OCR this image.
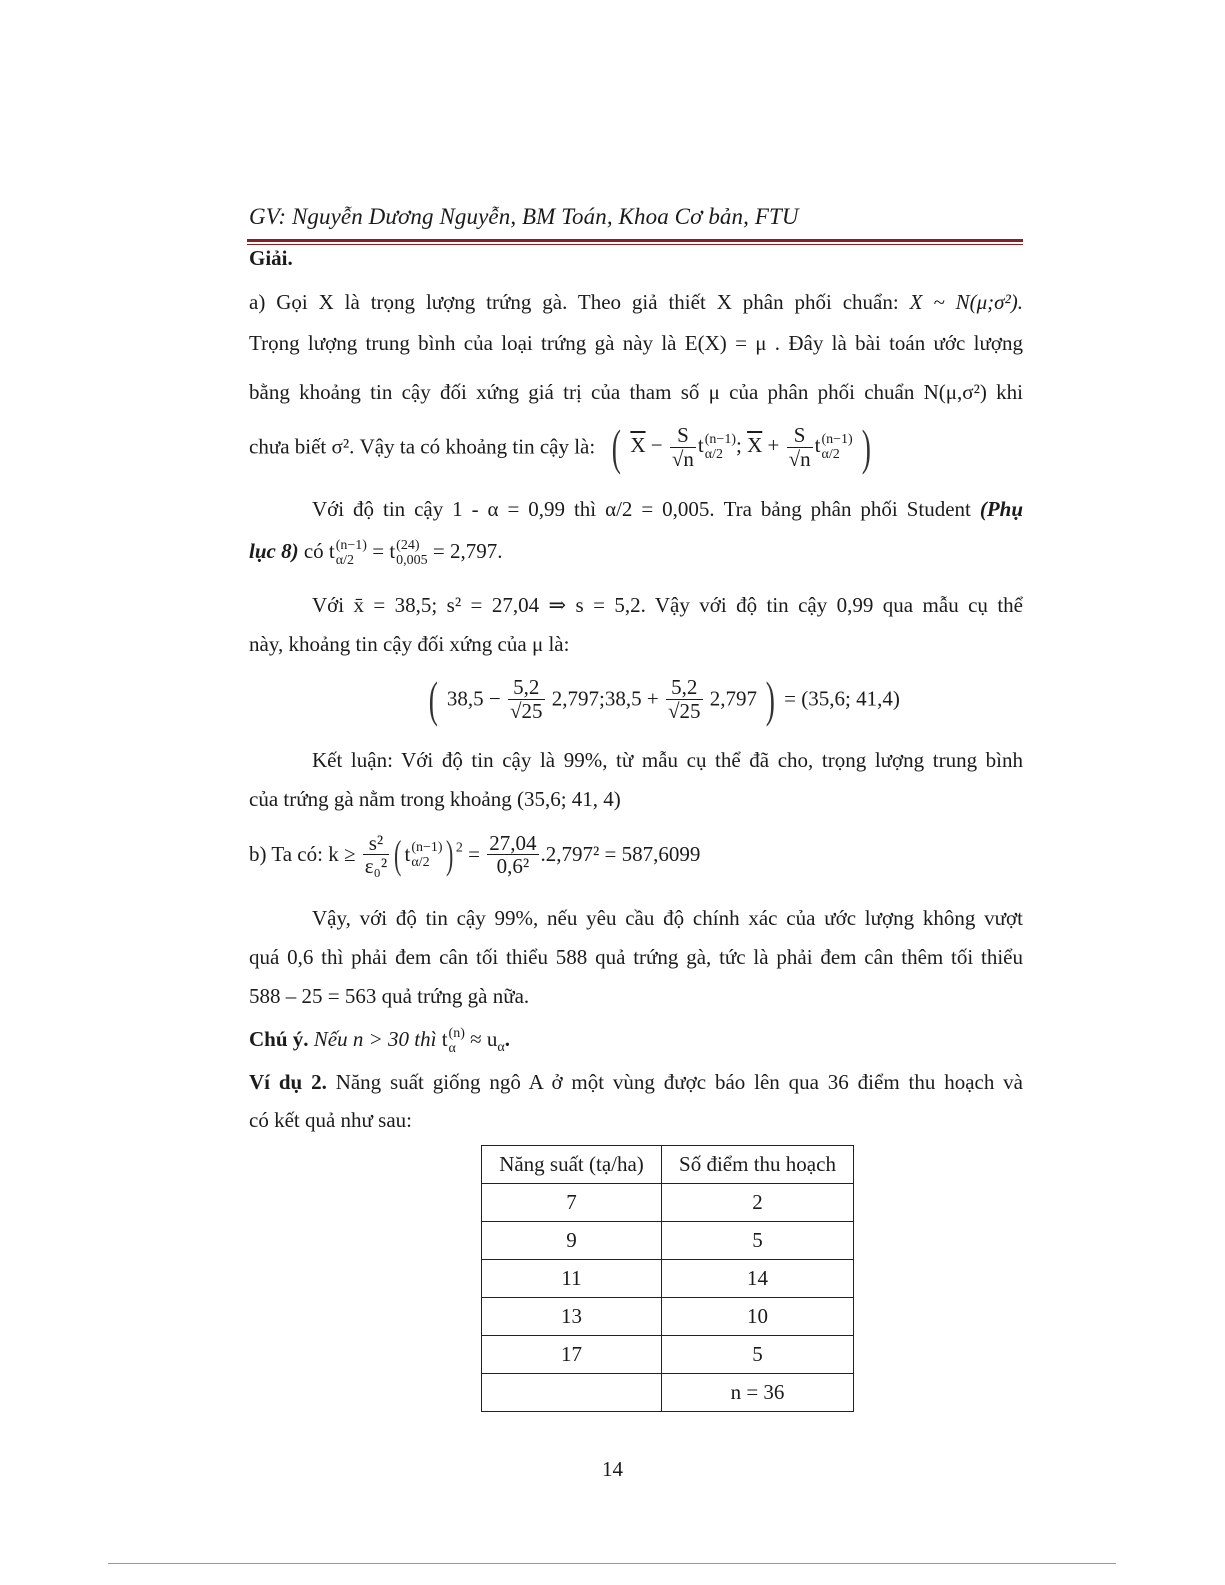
GV: Nguyễn Dương Nguyễn, BM Toán, Khoa Cơ bản, FTU
Giải.
a) Gọi X là trọng lượng trứng gà. Theo giả thiết X phân phối chuẩn: X ~ N(μ;σ²).
Trọng lượng trung bình của loại trứng gà này là E(X) = μ . Đây là bài toán ước lượng
bằng khoảng tin cậy đối xứng giá trị của tham số μ của phân phối chuẩn N(μ,σ²) khi
chưa biết σ². Vậy ta có khoảng tin cậy là: ( $\overline{X} - \frac{S}{√n}$ t (n−1)
α/2 ; $\overline{X} + \frac{S}{√n}$ t (n−1)
α/2 )
Với độ tin cậy 1 - α = 0,99 thì α/2 = 0,005. Tra bảng phân phối Student (Phụ
lục 8) có t (n−1)
α/2 = t (24)
0,005 = 2,797.
Với x̄ = 38,5; s² = 27,04 ⇒ s = 5,2. Vậy với độ tin cậy 0,99 qua mẫu cụ thể
này, khoảng tin cậy đối xứng của μ là:
( $38,5 - \frac{5,2}{√25}$ 2,797;38,5 + $\frac{5,2}{√25} 2,797$ ) = (35,6; 41,4)
Kết luận: Với độ tin cậy là 99%, từ mẫu cụ thể đã cho, trọng lượng trung bình
của trứng gà nằm trong khoảng (35,6; 41, 4)
b) Ta có: $k \ge \frac{\text{s²}}{\text{ε₀²}}$ ( t (n−1)
α/2 ) $^2 = \frac{27,04}{\text{0,6²}} .2,797^2 = 587,6099$
Vậy, với độ tin cậy 99%, nếu yêu cầu độ chính xác của ước lượng không vượt
quá 0,6 thì phải đem cân tối thiểu 588 quả trứng gà, tức là phải đem cân thêm tối thiểu
588 – 25 = 563 quả trứng gà nữa.
Chú ý. Nếu n > 30 thì t (n)
$\alpha \approx u_\alpha$.
Ví dụ 2. Năng suất giống ngô A ở một vùng được báo lên qua 36 điểm thu hoạch và
có kết quả như sau:
Năng suất (tạ/ha)	Số điểm thu hoạch
7	2
9	5
11	14
13	10
17	5
	n = 36
14
